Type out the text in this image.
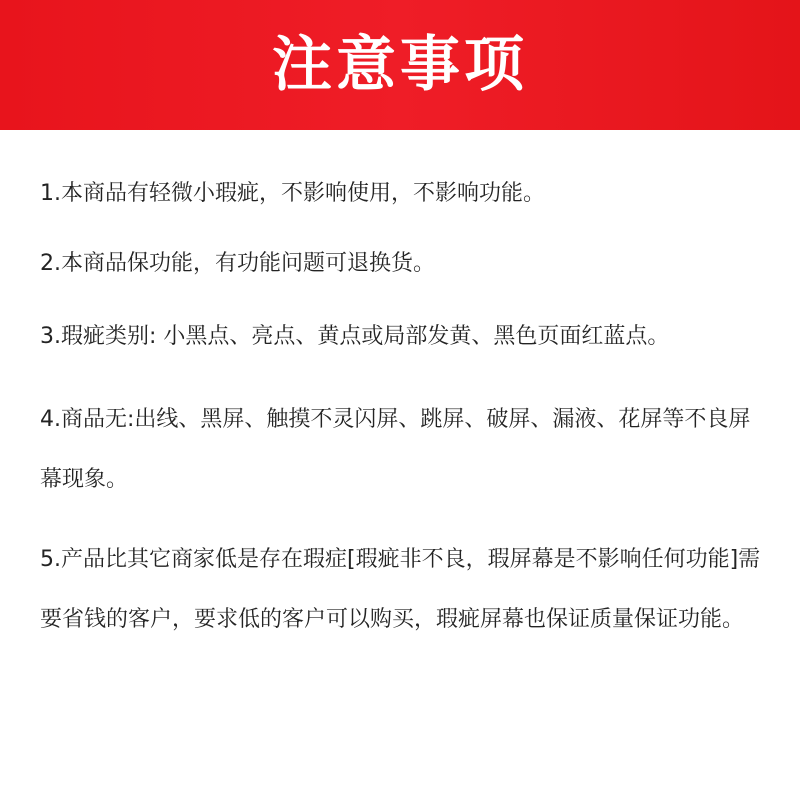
注意事项
1.本商品有轻微小瑕疵，不影响使用，不影响功能。
2.本商品保功能，有功能问题可退换货。
3.瑕疵类别: 小黑点、亮点、黄点或局部发黄、黑色页面红蓝点。
4.商品无:出线、黑屏、触摸不灵闪屏、跳屏、破屏、漏液、花屏等不良屏幕现象。
5.产品比其它商家低是存在瑕症[瑕疵非不良，瑕屏幕是不影响任何功能]需要省钱的客户，要求低的客户可以购买，瑕疵屏幕也保证质量保证功能。
